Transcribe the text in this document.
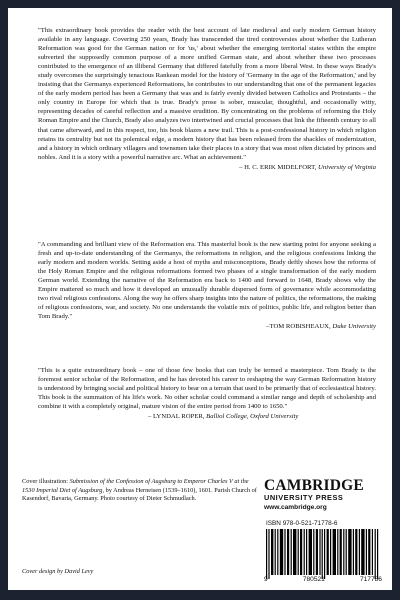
"This extraordinary book provides the reader with the best account of late medieval and early modern German history available in any language. Covering 250 years, Brady has transcended the tired controversies about whether the Lutheran Reformation was good for the German nation or for 'us,' about whether the emerging territorial states within the empire subverted the supposedly common purpose of a more unified German state, and about whether these two processes contributed to the emergence of an illiberal Germany that differed fatefully from a more liberal West. In these ways Brady's study overcomes the surprisingly tenacious Rankean model for the history of 'Germany in the age of the Reformation,' and by insisting that the Germanys experienced Reformations, he contributes to our understanding that one of the permanent legacies of the early modern period has been a Germany that was and is fairly evenly divided between Catholics and Protestants – the only country in Europe for which that is true. Brady's prose is sober, muscular, thoughtful, and occasionally witty, representing decades of careful reflection and a massive erudition. By concentrating on the problems of reforming the Holy Roman Empire and the Church, Brady also analyzes two intertwined and crucial processes that link the fifteenth century to all that came afterward, and in this respect, too, his book blazes a new trail. This is a post-confessional history in which religion retains its centrality but not its polemical edge, a modern history that has been released from the shackles of modernization, and a history in which ordinary villagers and townsmen take their places in a story that was most often dictated by princes and nobles. And it is a story with a powerful narrative arc. What an achievement."
– H. C. ERIK MIDELFORT, University of Virginia
"A commanding and brilliant view of the Reformation era. This masterful book is the new starting point for anyone seeking a fresh and up-to-date understanding of the Germanys, the reformations in religion, and the religious confessions linking the early modern and modern worlds. Setting aside a host of myths and misconceptions, Brady deftly shows how the reforms of the Holy Roman Empire and the religious reformations formed two phases of a single transformation of the early modern German world. Extending the narrative of the Reformation era back to 1400 and forward to 1648, Brady shows why the Empire mattered so much and how it developed an unusually durable dispersed form of governance while accommodating two rival religious confessions. Along the way he offers sharp insights into the nature of politics, the reformations, the making of religious confessions, war, and society. No one understands the volatile mix of politics, public life, and religion better than Tom Brady."
–TOM ROBISHEAUX, Duke University
"This is a quite extraordinary book – one of those few books that can truly be termed a masterpiece. Tom Brady is the foremost senior scholar of the Reformation, and he has devoted his career to reshaping the way German Reformation history is understood by bringing social and political history to bear on a terrain that used to be primarily that of ecclesiastical history. This book is the summation of his life's work. No other scholar could command a similar range and depth of scholarship and combine it with a completely original, mature vision of the entire period from 1400 to 1650."
– LYNDAL ROPER, Balliol College, Oxford University
Cover illustration: Submission of the Confession of Augsburg to Emperor Charles V at the 1530 Imperial Diet of Augsburg, by Andreas Herneisen (1539–1610), 1601. Parish Church of Kasendorf, Bavaria, Germany. Photo courtesy of Dieter Schmudlach.
Cover design by David Levy
CAMBRIDGE
UNIVERSITY PRESS
www.cambridge.org
ISBN 978-0-521-71778-6
9	780521	717786
